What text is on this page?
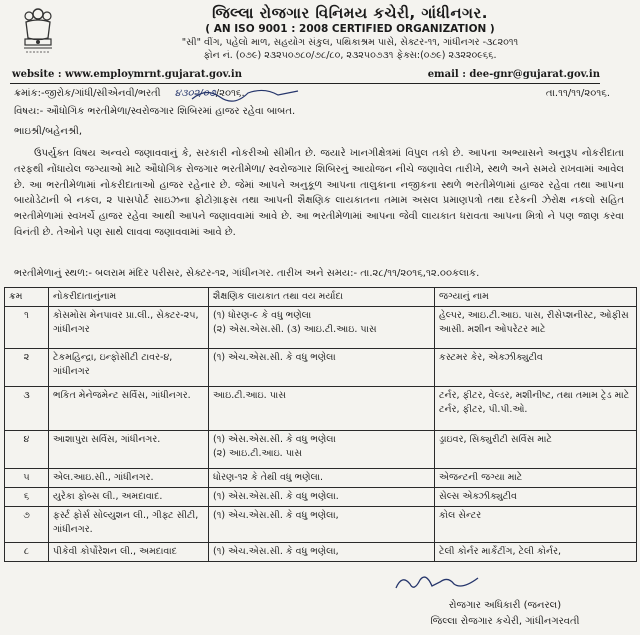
જિલ્લા રોજગાર વિનિમય કચેરી, ગાંધીનગર.
( AN ISO 9001 : 2008 CERTIFIED ORGANIZATION )
"સી" વીંગ, પહેલો માળ, સહયોગ સંકુલ, પથિકાશ્રમ પાસે, સેક્ટર-૧૧, ગાંધીનગર -૩૮૨૦૧૧
ફોન નં. (૦૭૯) ૨૩૨૫૦૭૮૦/૭૮/૮૦, ૨૩૨૫૦૭૩૧ ફેક્સ:(૦૭૯) ૨૩૨૨૦૯૬૬.
website : www.employmrnt.gujarat.gov.in	email : dee-gnr@gujarat.gov.in
ક્રમાંક:-જીરોક/ગાંધી/સીએનવી/ભરતી ૪૩૦૨/૦૭/૨૦૧૬.	તા.૧૧/૧૧/૨૦૧૬.
વિષય:- ઔધોગિક ભરતીમેળા/સ્વરોજગાર શિબિરમાં હાજર રહેવા બાબત.
ભાઇશ્રી/બહેનશ્રી,
ઉપર્યુક્ત વિષય અન્વયે જણાવવાનું કે, સરકારી નોકરીઓ સીમીત છે. જયારે ખાનગીક્ષેત્રમાં વિપુલ તકો છે. આપના અભ્યાસને અનુરૂપ નોકરીદાતા તરફથી નોંધાયેલ જગ્યાઓ માટે ઔધોગિક રોજગાર ભરતીમેળા/ સ્વરોજગાર શિબિરનું આયોજન નીચે જણાવેલ તારીખે, સ્થળે અને સમયે રાખવામાં આવેલ છે. આ ભરતીમેળામાં નોકરીદાતાઓ હાજર રહેનાર છે. જેમાં આપને અનુકૂળ આપના તાલુકાના નજીકના સ્થળે ભરતીમેળામાં હાજર રહેવા તથા આપના બાયોડેટાની બે નકલ, ૨ પાસપોર્ટ સાઇઝના ફોટોગ્રાફસ તથા આપની શૈક્ષણિક લાયકાતના તમામ અસલ પ્રમાણપત્રો તથા દરેકની ઝેરોક્ષ નકલો સહિત ભરતીમેળામાં સ્વખર્ચે હાજર રહેવા આથી આપને જણાવવામાં આવે છે. આ ભરતીમેળામાં આપના જેવી લાયકાત ધરાવતા આપના મિત્રો ને પણ જાણ કરવા વિનંતી છે. તેઓને પણ સાથે લાવવા જણાવવામાં આવે છે.
ભરતીમેળાનું સ્થળ:- બલરામ મંદિર પરીસર, સેક્ટર-૧૨, ગાંધીનગર. તારીખ અને સમય:- તા.૨૮/૧૧/૨૦૧૬,૧૨.૦૦કલાક.
ક્રમ	નોકરીદાતાનુંનામ	શૈક્ષણિક લાયકાત તથા વય મર્યાદા	જગ્યાનું નામ
૧	કોસમોસ મેનપાવર પ્રા.લી., સેક્ટર-૨૫, ગાંધીનગર	(૧) ધોરણ-૯ કે વધુ ભણેલા
(૨) એસ.એસ.સી. (૩) આઇ.ટી.આઇ. પાસ	હેલ્પર, આઇ.ટી.આઇ. પાસ, રીસેપ્શનીસ્ટ, ઓફીસ આસી. મશીન ઓપરેટર માટે
૨	ટેકમહિન્દ્રા, ઇન્ફોસીટી ટાવર-૪, ગાંધીનગર	(૧) એચ.એસ.સી. કે વધુ ભણેલા	કસ્ટમર કેર, એક્ઝીક્યુટીવ
૩	ભકિત મેનેજમેન્ટ સર્વિસ, ગાંધીનગર.	આઇ.ટી.આઇ. પાસ	ટર્નર, ફીટર, વેલ્ડર, મશીનીષ્ટ, તથા તમામ ટ્રેડ માટે ટર્નર, ફીટર, પી.પી.ઓ.
૪	આશાપુરા સર્વિસ, ગાંધીનગર.	(૧) એસ.એસ.સી. કે વધુ ભણેલા
(૨) આઇ.ટી.આઇ. પાસ	ડ્રાઇવર, સિક્યુરીટી સર્વિસ માટે
૫	એલ.આઇ.સી., ગાંધીનગર.	ધોરણ-૧૨ કે તેથી વધુ ભણેલા.	એજન્ટની જગ્યા માટે
૬	યુરેકા ફોબ્સ લી., અમદાવાદ.	(૧) એસ.એસ.સી. કે વધુ ભણેલા.	સેલ્સ એક્ઝીક્યુટીવ
૭	ફર્સ્ટ ફોર્સ સોલ્યુશન લી., ગીફ્ટ સીટી, ગાંધીનગર.	(૧) એચ.એસ.સી. કે વધુ ભણેલા,	કોલ સેન્ટર
૮	પીકેવી કોર્પોરેશન લી., અમદાવાદ	(૧) એચ.એસ.સી. કે વધુ ભણેલા,	ટેલી કોર્નર માર્કેટીંગ, ટેલી કોર્નર,
રોજગાર અધિકારી (જનરલ)
જિલ્લા રોજગાર કચેરી, ગાંધીનગરવતી
